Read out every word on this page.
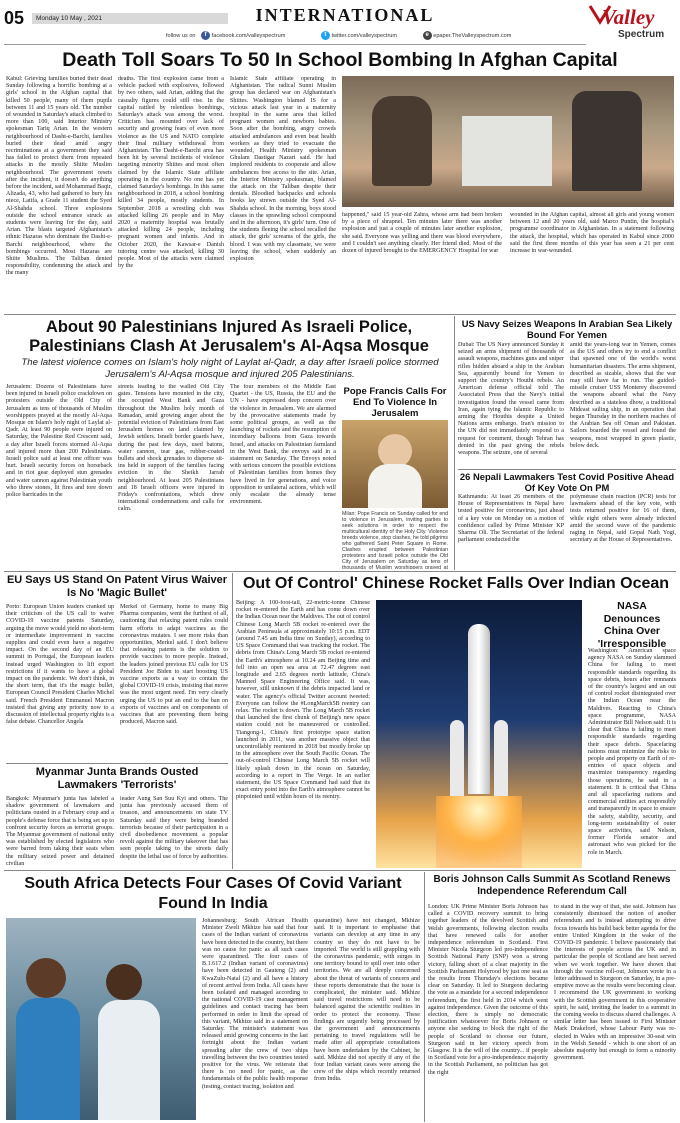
05	Monday 10 May , 2021	INTERNATIONAL
follow us on f facebook.com/valleyspectrum	t twitter.com/valleyspectrum	e epaper.TheValleyspectrum.com
Valley
Spectrum
Death Toll Soars To 50 In School Bombing In Afghan Capital
Kabul: Grieving families buried their dead Sunday following a horrific bombing at a girls' school in the Afghan capital that killed 50 people, many of them pupils between 11 and 15 years old. The number of wounded in Saturday's attack climbed to more than 100, said Interior Ministry spokesman Tariq Arian. In the western neighbourhood of Dasht-e-Barchi, families buried their dead amid angry recriminations at a government they said has failed to protect them from repeated attacks in the mostly Shiite Muslim neighbourhood. The government resets after the incident, it doesn't do anything before the incident, said Mohammad Baqir, Alizada, 43, who had gathered to bury his niece, Latifa, a Grade 11 student the Syed Al-Shahda school. Three explosions outside the school entrance struck as students were leaving for the day, said Arian. The blasts targeted Afghanistan's ethnic Hazaras who dominate the Dasht-e-Barchi neighbourhood, where the bombings occurred. Most Hazaras are Shiite Muslims. The Taliban denied responsibility, condemning the attack and the many
deaths. The first explosion came from a vehicle packed with explosives, followed by two others, said Arian, adding that the casualty figures could still rise. In the capital rattled by relentless bombings, Saturday's attack was among the worst. Criticism has mounted over lack of security and growing fears of even more violence as the US and NATO complete their final military withdrawal from Afghanistan. The Dasht-e-Barchi area has been hit by several incidents of violence targeting minority Shiites and most often claimed by the Islamic State affiliate operating in the country. No one has yet claimed Saturday's bombings. In this same neighbourhood in 2018, a school bombing killed 34 people, mostly students. In September 2018 a wrestling club was attacked killing 26 people and in May 2020 a maternity hospital was brutally attacked killing 24 people, including pregnant women and infants. And in October 2020, the Kawsar-e Danish tutoring centre was attacked, killing 30 people. Most of the attacks were claimed by the
Islamic State affiliate operating in Afghanistan. The radical Sunni Muslim group has declared war on Afghanistan's Shiites. Washington blamed IS for a vicious attack last year in a maternity hospital in the same area that killed pregnant women and newborn babies. Soon after the bombing, angry crowds attacked ambulances and even beat health workers as they tried to evacuate the wounded, Health Ministry spokesman Ghulam Dastigar Nazari said. He had implored residents to cooperate and allow ambulances free access to the site. Arian, the Interior Ministry spokesman, blamed the attack on the Taliban despite their denials. Bloodied backpacks and schools books lay strewn outside the Syed Al-Shahda school. In the morning, boys stood classes in the sprawling school compound and in the afternoon, it's girls' turn. One of the students fleeing the school recalled the attack, the girls' screams of the girls, the blood. I was with my classmate, we were leaving the school, when suddenly an explosion
happened," said 15 year-old Zahra, whose arm had been broken by a piece of shrapnel. Ten minutes later there was another explosion and just a couple of minutes later another explosion, she said. Everyone was yelling and there was blood everywhere, and I couldn't see anything clearly. Her friend died. Most of the dozen of injured brought to the EMERGENCY Hospital for war
wounded in the Afghan capital, almost all girls and young women between 12 and 20 years old, said Marco Puntin, the hospital's programme coordinator in Afghanistan. In a statement following the attack, the hospital, which has operated in Kabul since 2000 said the first three months of this year has seen a 21 per cent increase in war-wounded.
About 90 Palestinians Injured As Israeli Police, Palestinians Clash At Jerusalem's Al-Aqsa Mosque
The latest violence comes on Islam's holy night of Laylat al-Qadr, a day after Israeli police stormed Jerusalem's Al-Aqsa mosque and injured 205 Palestinians.
Jerusalem: Dozens of Palestinians have been injured in Israeli police crackdown on protesters outside the Old City of Jerusalem as tens of thousands of Muslim worshippers prayed at the mostly Al-Aqsa Mosque on Islam's holy night of Laylat al-Qadr. At least 90 people were injured on Saturday, the Palestine Red Crescent said, a day after Israeli forces stormed Al-Aqsa and injured more than 200 Palestinians. Israeli police said at least one officer was hurt. Israeli security forces on horseback and in riot gear deployed stun grenades and water cannon against Palestinian youth who threw stones, lit fires and tore down police barricades in the
streets leading to the walled Old City gates. Tensions have mounted in the city, the occupied West Bank and Gaza throughout the Muslim holy month of Ramadan, amid growing anger about the potential eviction of Palestinians from East Jerusalem homes on land claimed by Jewish settlers. Israeli border guards have, during the past few days, used batons, water cannon, tear gas, rubber-coated bullets and shock grenades to disperse sit-ins held in support of the families facing eviction in the Sheikh Jarrah neighbourhood. At least 205 Palestinians and 18 Israeli officers were injured in Friday's confrontations, which drew international condemnations and calls for calm.
The four members of the Middle East Quartet - the US, Russia, the EU and the UN - have expressed deep concern over the violence in Jerusalem. We are alarmed by the provocative statements made by some political groups, as well as the launching of rockets and the resumption of incendiary balloons from Gaza towards Israel, and attacks on Palestinian farmland in the West Bank, the envoys said in a statement on Saturday. The Envoys noted with serious concern the possible evictions of Palestinian families from homes they have lived in for generations, and voice opposition to unilateral actions, which will only escalate the already tense environment.
Pope Francis Calls For End To Violence In Jerusalem
Milan: Pope Francis on Sunday called for end to violence in Jerusalem, inviting parties to seek solutions in order to respect the multicultural identity of the Holy City. Violence breeds violence, stop clashes, he told pilgrims who gathered Saint Peter Square in Rome. Clashes erupted between Palestinian protesters and Israeli police outside the Old City of Jerusalem on Saturday as tens of thousands of Muslim worshippers prayed at
US Navy Seizes Weapons In Arabian Sea Likely Bound For Yemen
Dubai: The US Navy announced Sunday it seized an arms shipment of thousands of assault weapons, machines guns and sniper rifles hidden aboard a ship in the Arabian Sea, apparently bound for Yemen to support the country's Houthi rebels. An American defense official told The Associated Press that the Navy's initial investigation found the vessel came from Iran, again tying the Islamic Republic to arming the Houthis despite a United Nations arms embargo. Iran's mission to the UN did not immediately respond to a request for comment, though Tehran has denied in the past giving the rebels weapons. The seizure, one of several
amid the years-long war in Yemen, comes as the US and others try to end a conflict that spawned one of the world's worst humanitarian disasters. The arms shipment, described as sizable, shows that the war may still have far to run. The guided-missile cruiser USS Monterey discovered the weapons aboard what the Navy described as a stateless dhow, a traditional Mideast sailing ship, in an operation that began Thursday in the northern reaches of the Arabian Sea off Oman and Pakistan. Sailors boarded the vessel and found the weapons, most wrapped in green plastic, below deck.
26 Nepali Lawmakers Test Covid Positive Ahead Of Key Vote On PM
Kathmandu: At least 26 members of the House of Representatives in Nepal have tested positive for coronavirus, just ahead of a key vote on Monday on a motion of confidence called by Prime Minister KP Sharma Oli. The Secretariat of the federal parliament conducted the
polymerase chain reaction (PCR) tests for lawmakers ahead of the key vote, with tests returned positive for 16 of them, while eight others were already infected amid the second wave of the pandemic raging in Nepal, said Gopal Nath Yogi, secretary at the House of Representatives.
EU Says US Stand On Patent Virus Waiver Is No 'Magic Bullet'
Porto: European Union leaders cranked up their criticism of the US call to waive COVID-19 vaccine patents Saturday, arguing the move would yield no short-term or intermediate improvement in vaccine supplies and could even have a negative impact. On the second day of an EU summit in Portugal, the European leaders instead urged Washington to lift export restrictions if it wants to have a global impact on the pandemic. We don't think, in the short term, that it's the magic bullet, European Council President Charles Michel said. French President Emmanuel Macron insisted that giving any priority now to a discussion of intellectual property rights is a false debate. Chancellor Angela
Merkel of Germany, home to many Big Pharma companies, went the furthest of all, cautioning that relaxing patent rules could harm efforts to adapt vaccines as the coronavirus mutates. I see more risks than opportunities, Merkel said. I don't believe that releasing patents is the solution to provide vaccines to more people. Instead, the leaders joined previous EU calls for US President Joe Biden to start boosting US vaccine exports as a way to contain the global COVID-19 crisis, insisting that move was the most urgent need. I'm very clearly urging the US to put an end to the ban on exports of vaccines and on components of vaccines that are preventing them being produced, Macron said.
Myanmar Junta Brands Ousted Lawmakers 'Terrorists'
Bangkok: Myanmar's junta has labeled a shadow government of lawmakers and politicians ousted in a February coup and a people's defense force that is being set up to confront security forces as terrorist groups. The Myanmar government of national unity was established by elected legislators who were barred from taking their seats when the military seized power and detained civilian
leader Aung San Suu Kyi and others. The junta has previously accused them of treason, and announcements on state TV Saturday said they were being branded terrorists because of their participation in a civil disobedience movement a popular revolt against the military takeover that has seen people taking to the streets daily despite the lethal use of force by authorities.
Out Of Control' Chinese Rocket Falls Over Indian Ocean
Beijing: A 100-foot-tall, 22-metric-tonne Chinese rocket re-entered the Earth and has come down over the Indian Ocean near the Maldives. The out of control Chinese Long March 5B rocket re-entered over the Arabian Peninsula at approximately 10:15 p.m. EDT (around 7.45 am India time on Sunday), according to US Space Command that was tracking the rocket. The debris from China's Long March 5B rocket re-entered the Earth's atmosphere at 10.24 am Beijing time and fell into an open sea area at 72.47 degrees east longitude and 2.65 degrees north latitude, China's Manned Space Engineering Office said. It was, however, still unknown if the debris impacted land or water. The agency's official Twitter account tweeted: Everyone can follow the #LongMarch5B reentry can relax. The rocket is down. The Long March 5B rocket that launched the first chunk of Beijing's new space station could not be maneuvered or controlled. Tiangong-1, China's first prototype space station launched in 2011, was another massive object that uncontrollably reentered in 2018 but mostly broke up in the atmosphere over the South Pacific Ocean. The out-of-control Chinese Long March 5B rocket will likely splash down in the ocean on Saturday, according to a report in The Verge. In an earlier statement, the US Space Command had said that its exact entry point into the Earth's atmosphere cannot be pinpointed until within hours of its reentry.
NASA Denounces China Over 'Irresponsible
Washington: American space agency NASA on Sunday slammed China for failing to meet responsible standards regarding its space debris, hours after remnants of the country's largest and an out of control rocket disintegrated over the Indian Ocean near the Maldives. Reacting to China's space programme, NASA Administrator Bill Nelson said: It is clear that China is failing to meet responsible standards regarding their space debris. Spacefaring nations must minimize the risks to people and property on Earth of re-entries of space objects and maximize transparency regarding those operations, he said in a statement. It is critical that China and all spacefaring nations and commercial entities act responsibly and transparently in space to ensure the safety, stability, security, and long-term sustainability of outer space activities, said Nelson, former Florida senator and astronaut who was picked for the role in March.
South Africa Detects Four Cases Of Covid Variant Found In India
Johannesburg: South African Health Minister Zweli Mkhize has said that four cases of the Indian variant of coronavirus have been detected in the country, but there was no cause for panic as all such cases were quarantined. The four cases of B.1.617.2 (Indian variant of coronavirus) have been detected in Gauteng (2) and KwaZulu-Natal (2) and all have a history of recent arrival from India. All cases have been isolated and managed according to the national COVID-19 case management guidelines and contact tracing has been performed in order to limit the spread of this variant, Mkhize said in a statement on Saturday. The minister's statement was released amid growing concerns in the last fortnight about the Indian variant spreading after the crew of two ships travelling between the two countries tested positive for the virus. We reiterate that there is no need for panic, as the fundamentals of the public health response (testing, contact tracing, isolation and
quarantine) have not changed, Mkhize said. It is important to emphasise that variants can develop at any time in any country so they do not have to be imported. The world is still grappling with the coronavirus pandemic, with surges in one territory bound to spill over into other territories. We are all deeply concerned about the threat of variants of concern and these reports demonstrate that the issue is complicated, the minister said. Mkhize said travel restrictions will need to be balanced against the scientific realities in order to protect the economy. These findings are urgently being processed by the government and announcements pertaining to travel regulations will be made after all appropriate consultations have been undertaken by the Cabinet, he said. Mkhize did not specify if any of the four Indian variant cases were among the crew of the ships which recently returned from India.
Boris Johnson Calls Summit As Scotland Renews Independence Referendum Call
London: UK Prime Minister Boris Johnson has called a COVID recovery summit to bring together leaders of the devolved Scottish and Welsh governments, following election results that have renewed calls for another independence referendum in Scotland. First Minister Nicola Sturgeon led pro-independence Scottish National Party (SNP) won a strong victory, falling short of a clear majority in the Scottish Parliament Holyrood by just one seat as the results from Thursday's elections became clear on Saturday. It led to Sturgeon declaring the vote as a mandate for a second independence referendum, the first held in 2014 which went against independence. Given the outcome of this election, there is simply no democratic justification whatsoever for Boris Johnson or anyone else seeking to block the right of the people of Scotland to choose our future, Sturgeon said in her victory speech from Glasgow. It is the will of the country... if people in Scotland vote for a pro-independence majority in the Scottish Parliament, no politician has got the right
to stand in the way of that, she said. Johnson has consistently dismissed the notion of another referendum and is instead attempting to drive focus towards his build back better agenda for the entire United Kingdom in the wake of the COVID-19 pandemic. I believe passionately that the interests of people across the UK and in particular the people of Scotland are best served when we work together. We have shown that through the vaccine roll-out, Johnson wrote in a letter addressed to Sturgeon on Saturday, in a pre-emptive move as the results were becoming clear. I recommend the UK government to working with the Scottish government in this cooperative spirit, he said, inviting the leader to a summit in the coming weeks to discuss shared challenges. A similar letter has been issued to First Minister Mark Drakeford, whose Labour Party was re-elected in Wales with an impressive 30-seat win in the Welsh Senedd - which is one short of an absolute majority but enough to form a minority government.
